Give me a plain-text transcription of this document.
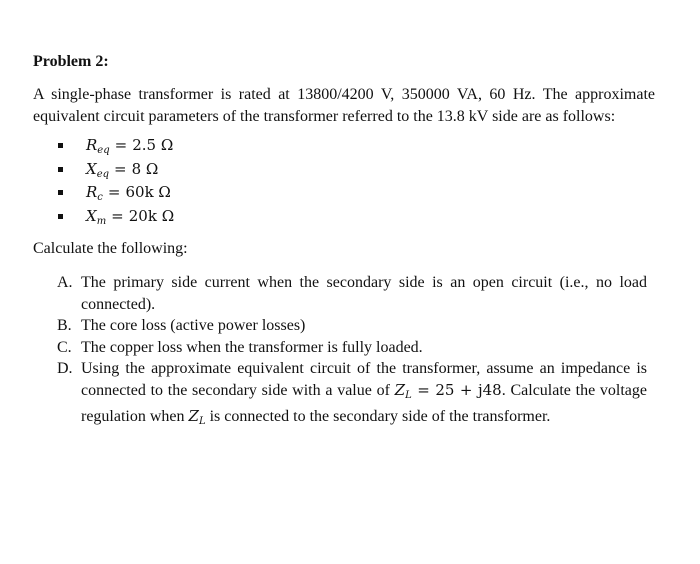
Problem 2:
A single-phase transformer is rated at 13800/4200 V, 350000 VA, 60 Hz. The approximate equivalent circuit parameters of the transformer referred to the 13.8 kV side are as follows:
$R_{eq} = 2.5$ Ω
$X_{eq} = 8$ Ω
$R_c = 60k$ Ω
$X_m = 20k$ Ω
Calculate the following:
A. The primary side current when the secondary side is an open circuit (i.e., no load connected).
B. The core loss (active power losses)
C. The copper loss when the transformer is fully loaded.
D. Using the approximate equivalent circuit of the transformer, assume an impedance is connected to the secondary side with a value of $Z_L = 25 + j48$. Calculate the voltage regulation when $Z_L$ is connected to the secondary side of the transformer.
